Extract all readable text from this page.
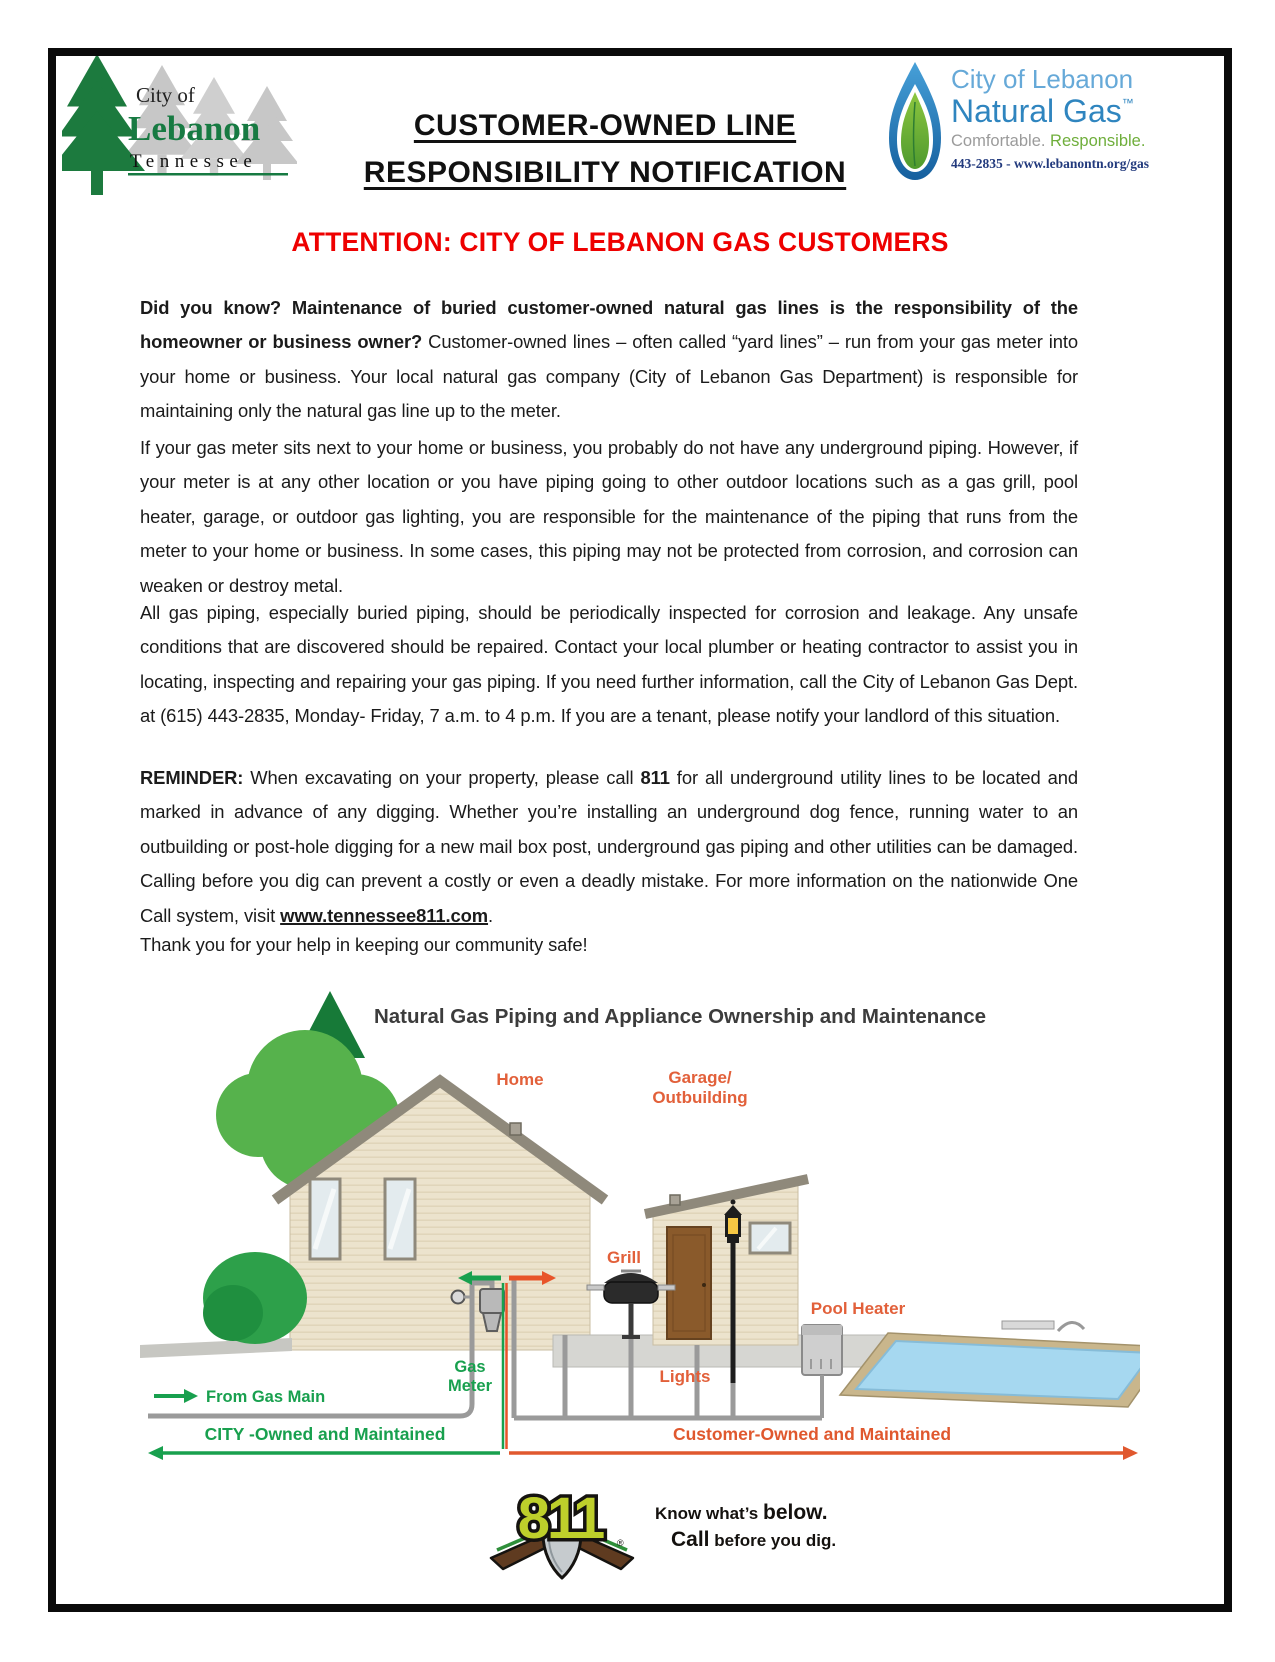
City of
Lebanon
Tennessee
CUSTOMER-OWNED LINE
RESPONSIBILITY NOTIFICATION
City of Lebanon
Natural Gas™
Comfortable. Responsible.
443-2835 - www.lebanontn.org/gas
ATTENTION: CITY OF LEBANON GAS CUSTOMERS
Did you know? Maintenance of buried customer-owned natural gas lines is the responsibility of the homeowner or business owner? Customer-owned lines – often called “yard lines” – run from your gas meter into your home or business. Your local natural gas company (City of Lebanon Gas Department) is responsible for maintaining only the natural gas line up to the meter.
If your gas meter sits next to your home or business, you probably do not have any underground piping. However, if your meter is at any other location or you have piping going to other outdoor locations such as a gas grill, pool heater, garage, or outdoor gas lighting, you are responsible for the maintenance of the piping that runs from the meter to your home or business. In some cases, this piping may not be protected from corrosion, and corrosion can weaken or destroy metal.
All gas piping, especially buried piping, should be periodically inspected for corrosion and leakage. Any unsafe conditions that are discovered should be repaired. Contact your local plumber or heating contractor to assist you in locating, inspecting and repairing your gas piping. If you need further information, call the City of Lebanon Gas Dept. at (615) 443-2835, Monday- Friday, 7 a.m. to 4 p.m. If you are a tenant, please notify your landlord of this situation.
REMINDER: When excavating on your property, please call 811 for all underground utility lines to be located and marked in advance of any digging. Whether you’re installing an underground dog fence, running water to an outbuilding or post-hole digging for a new mail box post, underground gas piping and other utilities can be damaged. Calling before you dig can prevent a costly or even a deadly mistake. For more information on the nationwide One Call system, visit www.tennessee811.com.
Thank you for your help in keeping our community safe!
Natural Gas Piping and Appliance Ownership and Maintenance
Home	Garage/
Outbuilding
Grill
Lights
Pool Heater
Gas
Meter
From Gas Main
CITY -Owned and Maintained	Customer-Owned and Maintained
811 ®
Know what’s below.
Call before you dig.
